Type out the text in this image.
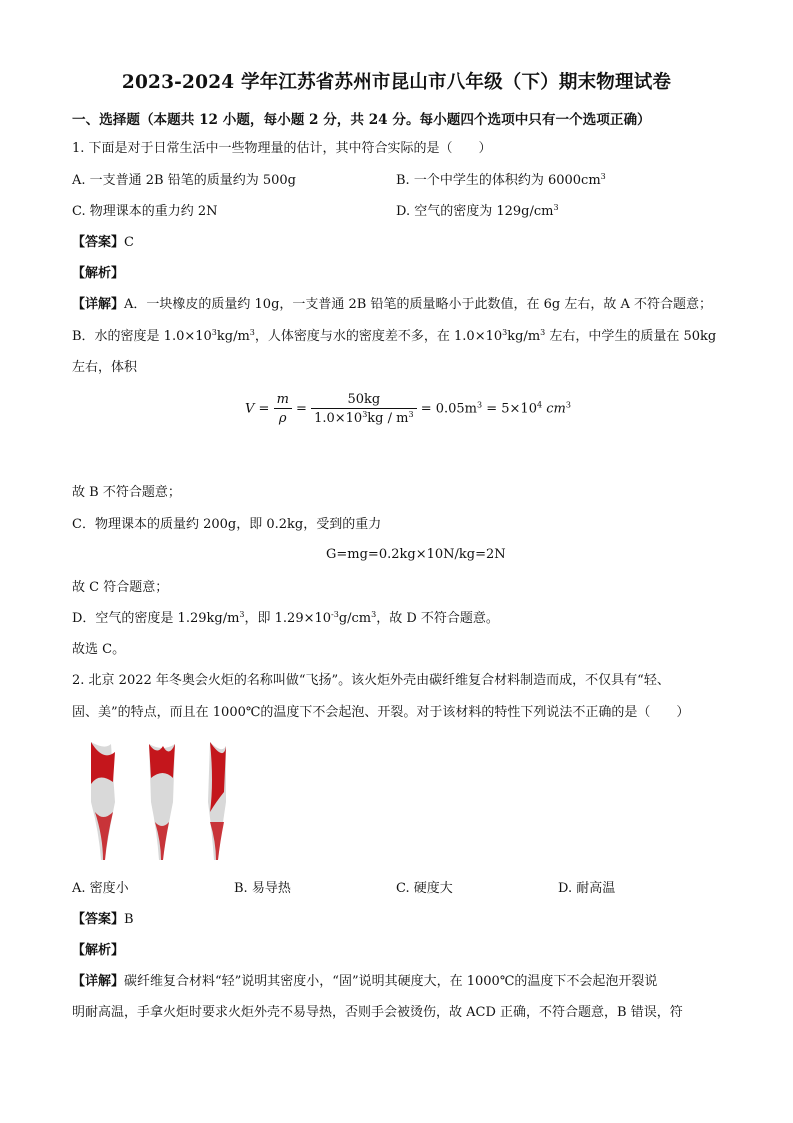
2023-2024 学年江苏省苏州市昆山市八年级（下）期末物理试卷
一、选择题（本题共 12 小题，每小题 2 分，共 24 分。每小题四个选项中只有一个选项正确）
1. 下面是对于日常生活中一些物理量的估计，其中符合实际的是（　　）
A. 一支普通 2B 铅笔的质量约为 500g	B. 一个中学生的体积约为 $6000cm^3$
C. 物理课本的重力约 2N	D. 空气的密度为 $129g/cm^3$
【答案】C
【解析】
【详解】A．一块橡皮的质量约 10g，一支普通 2B 铅笔的质量略小于此数值，在 6g 左右，故 A 不符合题意；
B．水的密度是 $1.0\times 10^3kg/m^3$，人体密度与水的密度差不多，在 $1.0\times 10^3kg/m^3$ 左右，中学生的质量在 50kg
左右，体积
$V = \frac{m}{\rho} = \frac{50kg}{1.0\times 10^3kg / m^3} = 0.05m^3 = 5\times 10^4$ $cm^3$
故 B 不符合题意；
C．物理课本的质量约 200g，即 0.2kg，受到的重力
G=mg=0.2kg×10N/kg=2N
故 C 符合题意；
D．空气的密度是 $1.29kg/m^3$，即 $1.29\times 10^{-3}g/cm^3$，故 D 不符合题意。
故选 C。
2. 北京 2022 年冬奥会火炬的名称叫做“飞扬”。该火炬外壳由碳纤维复合材料制造而成，不仅具有“轻、
固、美”的特点，而且在 1000℃的温度下不会起泡、开裂。对于该材料的特性下列说法不正确的是（　　）
A. 密度小	B. 易导热	C. 硬度大	D. 耐高温
【答案】B
【解析】
【详解】碳纤维复合材料“轻”说明其密度小，“固”说明其硬度大，在 1000℃的温度下不会起泡开裂说
明耐高温，手拿火炬时要求火炬外壳不易导热，否则手会被烫伤，故 ACD 正确，不符合题意，B 错误，符
